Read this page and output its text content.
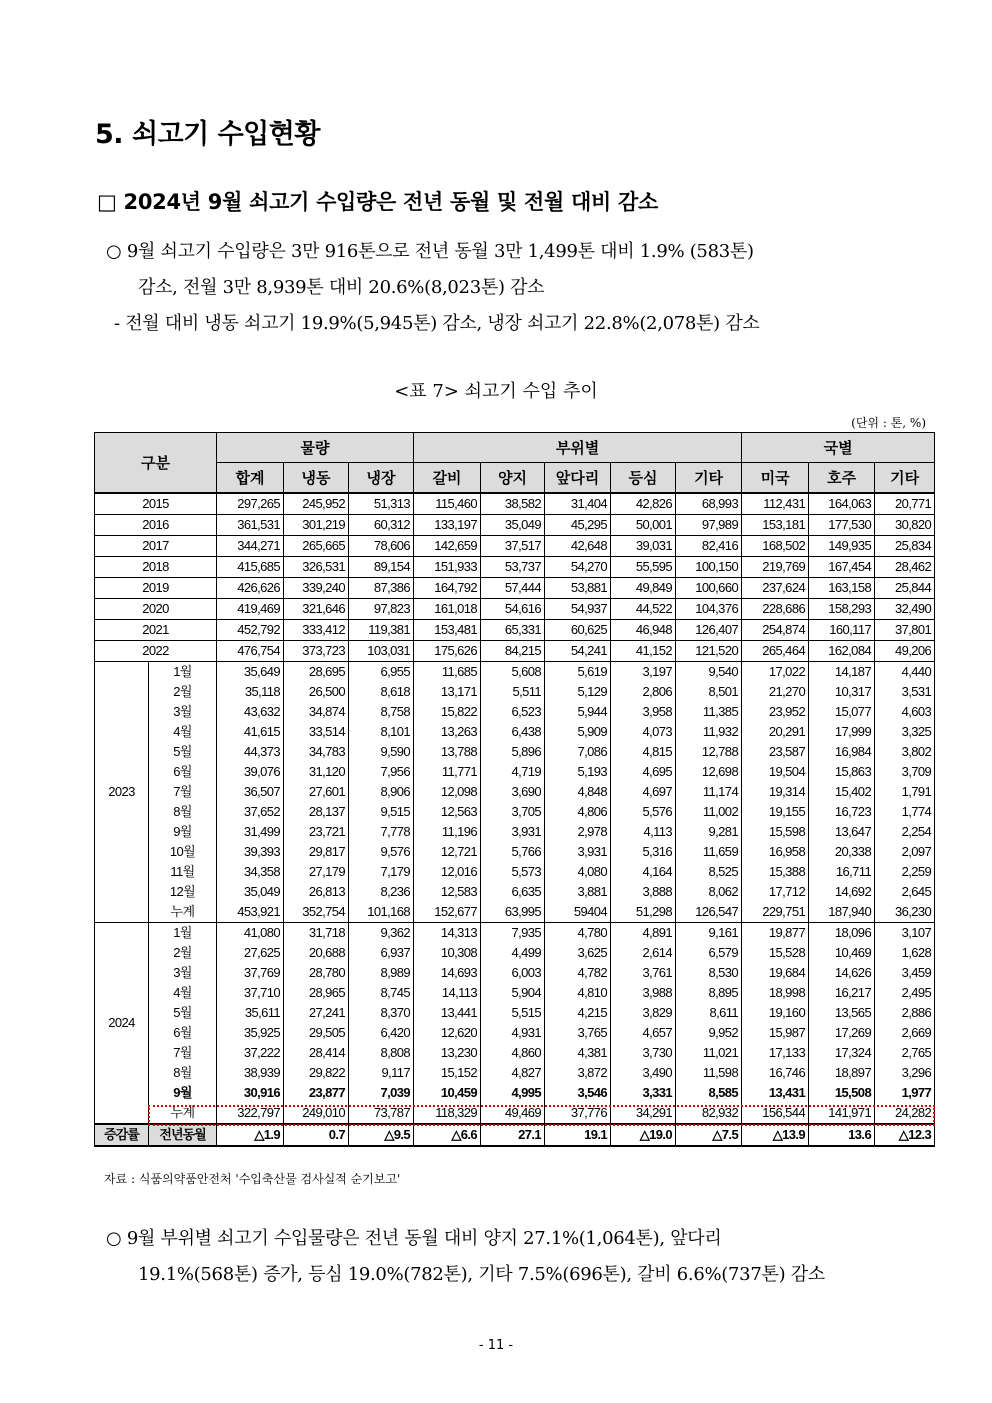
5. 쇠고기 수입현황
□ 2024년 9월 쇠고기 수입량은 전년 동월 및 전월 대비 감소
○ 9월 쇠고기 수입량은 3만 916톤으로 전년 동월 3만 1,499톤 대비 1.9% (583톤)
감소, 전월 3만 8,939톤 대비 20.6%(8,023톤) 감소
- 전월 대비 냉동 쇠고기 19.9%(5,945톤) 감소, 냉장 쇠고기 22.8%(2,078톤) 감소
<표 7> 쇠고기 수입 추이
(단위 : 톤, %)
구분		물량			부위별					국별		
		합계	냉동	냉장	갈비	양지	앞다리	등심	기타	미국	호주	기타
2015		297,265	245,952	51,313	115,460	38,582	31,404	42,826	68,993	112,431	164,063	20,771
2016		361,531	301,219	60,312	133,197	35,049	45,295	50,001	97,989	153,181	177,530	30,820
2017		344,271	265,665	78,606	142,659	37,517	42,648	39,031	82,416	168,502	149,935	25,834
2018		415,685	326,531	89,154	151,933	53,737	54,270	55,595	100,150	219,769	167,454	28,462
2019		426,626	339,240	87,386	164,792	57,444	53,881	49,849	100,660	237,624	163,158	25,844
2020		419,469	321,646	97,823	161,018	54,616	54,937	44,522	104,376	228,686	158,293	32,490
2021		452,792	333,412	119,381	153,481	65,331	60,625	46,948	126,407	254,874	160,117	37,801
2022		476,754	373,723	103,031	175,626	84,215	54,241	41,152	121,520	265,464	162,084	49,206
2023	1월	35,649	28,695	6,955	11,685	5,608	5,619	3,197	9,540	17,022	14,187	4,440
	2월	35,118	26,500	8,618	13,171	5,511	5,129	2,806	8,501	21,270	10,317	3,531
	3월	43,632	34,874	8,758	15,822	6,523	5,944	3,958	11,385	23,952	15,077	4,603
	4월	41,615	33,514	8,101	13,263	6,438	5,909	4,073	11,932	20,291	17,999	3,325
	5월	44,373	34,783	9,590	13,788	5,896	7,086	4,815	12,788	23,587	16,984	3,802
	6월	39,076	31,120	7,956	11,771	4,719	5,193	4,695	12,698	19,504	15,863	3,709
	7월	36,507	27,601	8,906	12,098	3,690	4,848	4,697	11,174	19,314	15,402	1,791
	8월	37,652	28,137	9,515	12,563	3,705	4,806	5,576	11,002	19,155	16,723	1,774
	9월	31,499	23,721	7,778	11,196	3,931	2,978	4,113	9,281	15,598	13,647	2,254
	10월	39,393	29,817	9,576	12,721	5,766	3,931	5,316	11,659	16,958	20,338	2,097
	11월	34,358	27,179	7,179	12,016	5,573	4,080	4,164	8,525	15,388	16,711	2,259
	12월	35,049	26,813	8,236	12,583	6,635	3,881	3,888	8,062	17,712	14,692	2,645
	누계	453,921	352,754	101,168	152,677	63,995	59404	51,298	126,547	229,751	187,940	36,230
2024	1월	41,080	31,718	9,362	14,313	7,935	4,780	4,891	9,161	19,877	18,096	3,107
	2월	27,625	20,688	6,937	10,308	4,499	3,625	2,614	6,579	15,528	10,469	1,628
	3월	37,769	28,780	8,989	14,693	6,003	4,782	3,761	8,530	19,684	14,626	3,459
	4월	37,710	28,965	8,745	14,113	5,904	4,810	3,988	8,895	18,998	16,217	2,495
	5월	35,611	27,241	8,370	13,441	5,515	4,215	3,829	8,611	19,160	13,565	2,886
	6월	35,925	29,505	6,420	12,620	4,931	3,765	4,657	9,952	15,987	17,269	2,669
	7월	37,222	28,414	8,808	13,230	4,860	4,381	3,730	11,021	17,133	17,324	2,765
	8월	38,939	29,822	9,117	15,152	4,827	3,872	3,490	11,598	16,746	18,897	3,296
	9월	30,916	23,877	7,039	10,459	4,995	3,546	3,331	8,585	13,431	15,508	1,977
	누계	322,797	249,010	73,787	118,329	49,469	37,776	34,291	82,932	156,544	141,971	24,282
증감률	전년동월	△1.9	0.7	△9.5	△6.6	27.1	19.1	△19.0	△7.5	△13.9	13.6	△12.3
자료 : 식품의약품안전처 '수입축산물 검사실적 순기보고'
○ 9월 부위별 쇠고기 수입물량은 전년 동월 대비 양지 27.1%(1,064톤), 앞다리
19.1%(568톤) 증가, 등심 19.0%(782톤), 기타 7.5%(696톤), 갈비 6.6%(737톤) 감소
- 11 -
